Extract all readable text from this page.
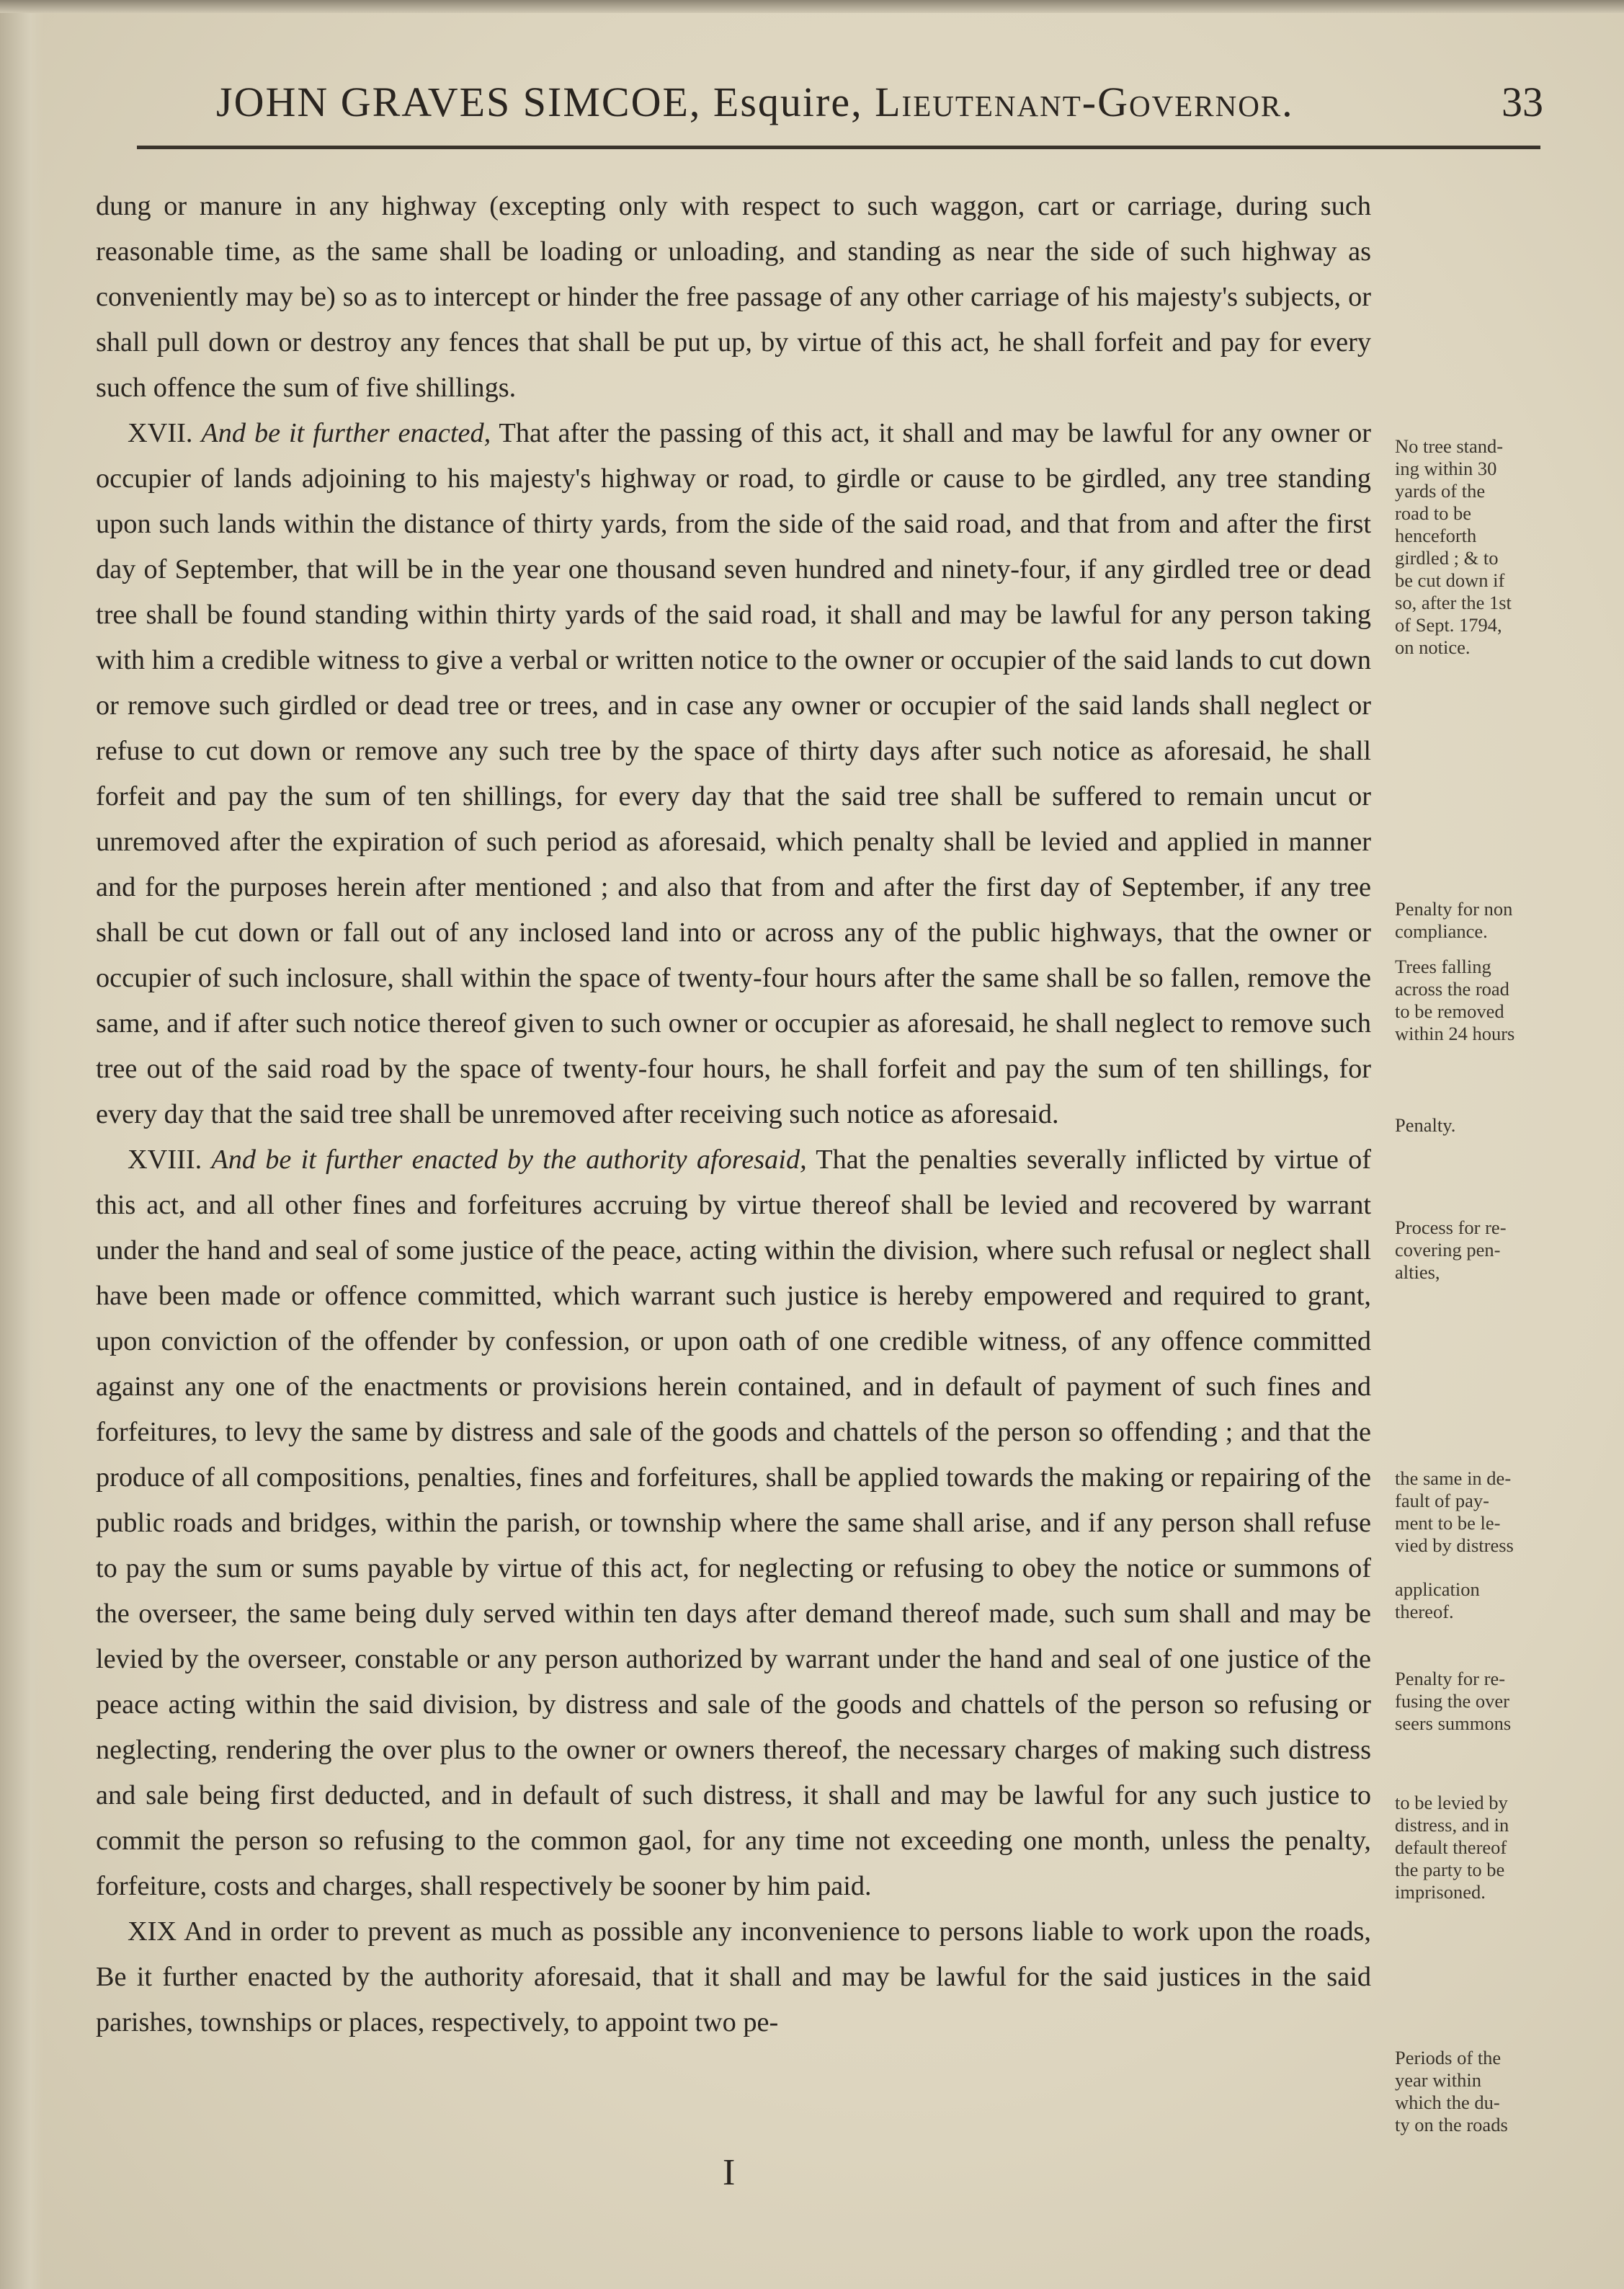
JOHN GRAVES SIMCOE, Esquire, Lieutenant-Governor.	33

dung or manure in any highway (excepting only with respect to such waggon, cart or carriage, during such reasonable time, as the same shall be loading or unloading, and standing as near the side of such highway as conveniently may be) so as to intercept or hinder the free passage of any other carriage of his majesty's subjects, or shall pull down or destroy any fences that shall be put up, by virtue of this act, he shall forfeit and pay for every such offence the sum of five shillings.

XVII. And be it further enacted, That after the passing of this act, it shall and may be lawful for any owner or occupier of lands adjoining to his majesty's highway or road, to girdle or cause to be girdled, any tree standing upon such lands within the distance of thirty yards, from the side of the said road, and that from and after the first day of September, that will be in the year one thousand seven hundred and ninety-four, if any girdled tree or dead tree shall be found standing within thirty yards of the said road, it shall and may be lawful for any person taking with him a credible witness to give a verbal or written notice to the owner or occupier of the said lands to cut down or remove such girdled or dead tree or trees, and in case any owner or occupier of the said lands shall neglect or refuse to cut down or remove any such tree by the space of thirty days after such notice as aforesaid, he shall forfeit and pay the sum of ten shillings, for every day that the said tree shall be suffered to remain uncut or unremoved after the expiration of such period as aforesaid, which penalty shall be levied and applied in manner and for the purposes herein after mentioned ; and also that from and after the first day of September, if any tree shall be cut down or fall out of any inclosed land into or across any of the public highways, that the owner or occupier of such inclosure, shall within the space of twenty-four hours after the same shall be so fallen, remove the same, and if after such notice thereof given to such owner or occupier as aforesaid, he shall neglect to remove such tree out of the said road by the space of twenty-four hours, he shall forfeit and pay the sum of ten shillings, for every day that the said tree shall be unremoved after receiving such notice as aforesaid.

XVIII. And be it further enacted by the authority aforesaid, That the penalties severally inflicted by virtue of this act, and all other fines and forfeitures accruing by virtue thereof shall be levied and recovered by warrant under the hand and seal of some justice of the peace, acting within the division, where such refusal or neglect shall have been made or offence committed, which warrant such justice is hereby empowered and required to grant, upon conviction of the offender by confession, or upon oath of one credible witness, of any offence committed against any one of the enactments or provisions herein contained, and in default of payment of such fines and forfeitures, to levy the same by distress and sale of the goods and chattels of the person so offending ; and that the produce of all compositions, penalties, fines and forfeitures, shall be applied towards the making or repairing of the public roads and bridges, within the parish, or township where the same shall arise, and if any person shall refuse to pay the sum or sums payable by virtue of this act, for neglecting or refusing to obey the notice or summons of the overseer, the same being duly served within ten days after demand thereof made, such sum shall and may be levied by the overseer, constable or any person authorized by warrant under the hand and seal of one justice of the peace acting within the said division, by distress and sale of the goods and chattels of the person so refusing or neglecting, rendering the over plus to the owner or owners thereof, the necessary charges of making such distress and sale being first deducted, and in default of such distress, it shall and may be lawful for any such justice to commit the person so refusing to the common gaol, for any time not exceeding one month, unless the penalty, forfeiture, costs and charges, shall respectively be sooner by him paid.

XIX And in order to prevent as much as possible any inconvenience to persons liable to work upon the roads, Be it further enacted by the authority aforesaid, that it shall and may be lawful for the said justices in the said parishes, townships or places, respectively, to appoint two pe-

No tree stand-
ing within 30
yards of the
road to be
henceforth
girdled ; & to
be cut down if
so, after the 1st
of Sept. 1794,
on notice.
Penalty for non
compliance.
Trees falling
across the road
to be removed
within 24 hours
Penalty.
Process for re-
covering pen-
alties,
the same in de-
fault of pay-
ment to be le-
vied by distress
application
thereof.
Penalty for re-
fusing the over
seers summons
to be levied by
distress, and in
default thereof
the party to be
imprisoned.
Periods of the
year within
which the du-
ty on the roads
I
